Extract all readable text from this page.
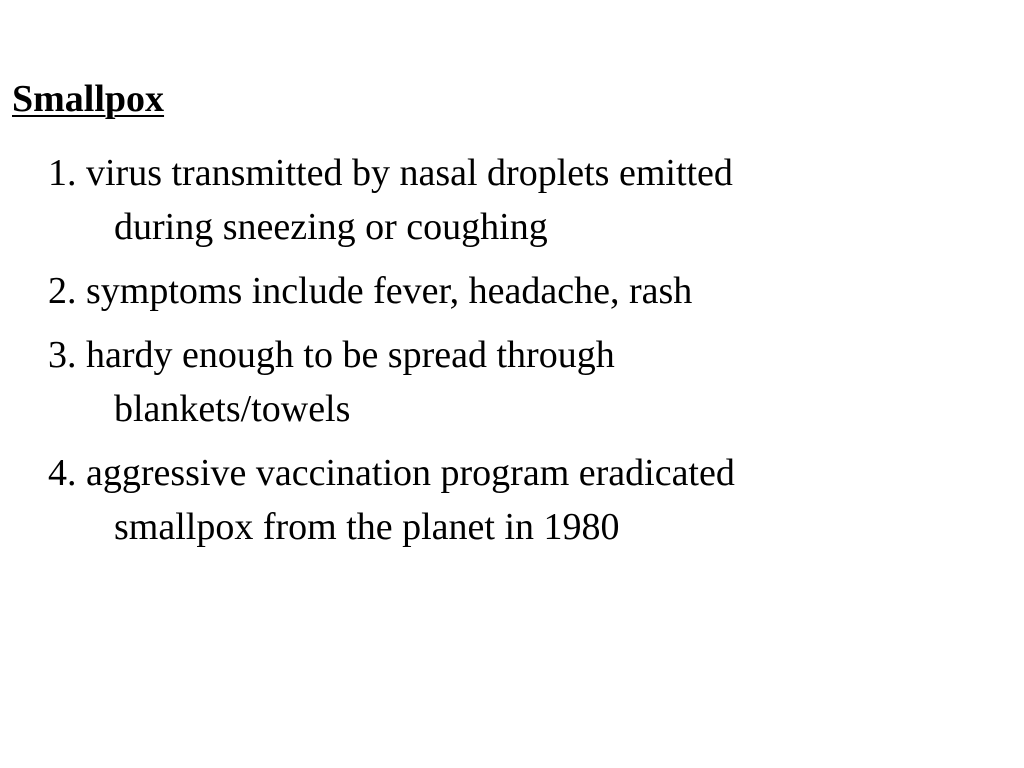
Smallpox
1. virus transmitted by nasal droplets emitted
during sneezing or coughing
2. symptoms include fever, headache, rash
3. hardy enough to be spread through
blankets/towels
4. aggressive vaccination program eradicated
smallpox from the planet in 1980
